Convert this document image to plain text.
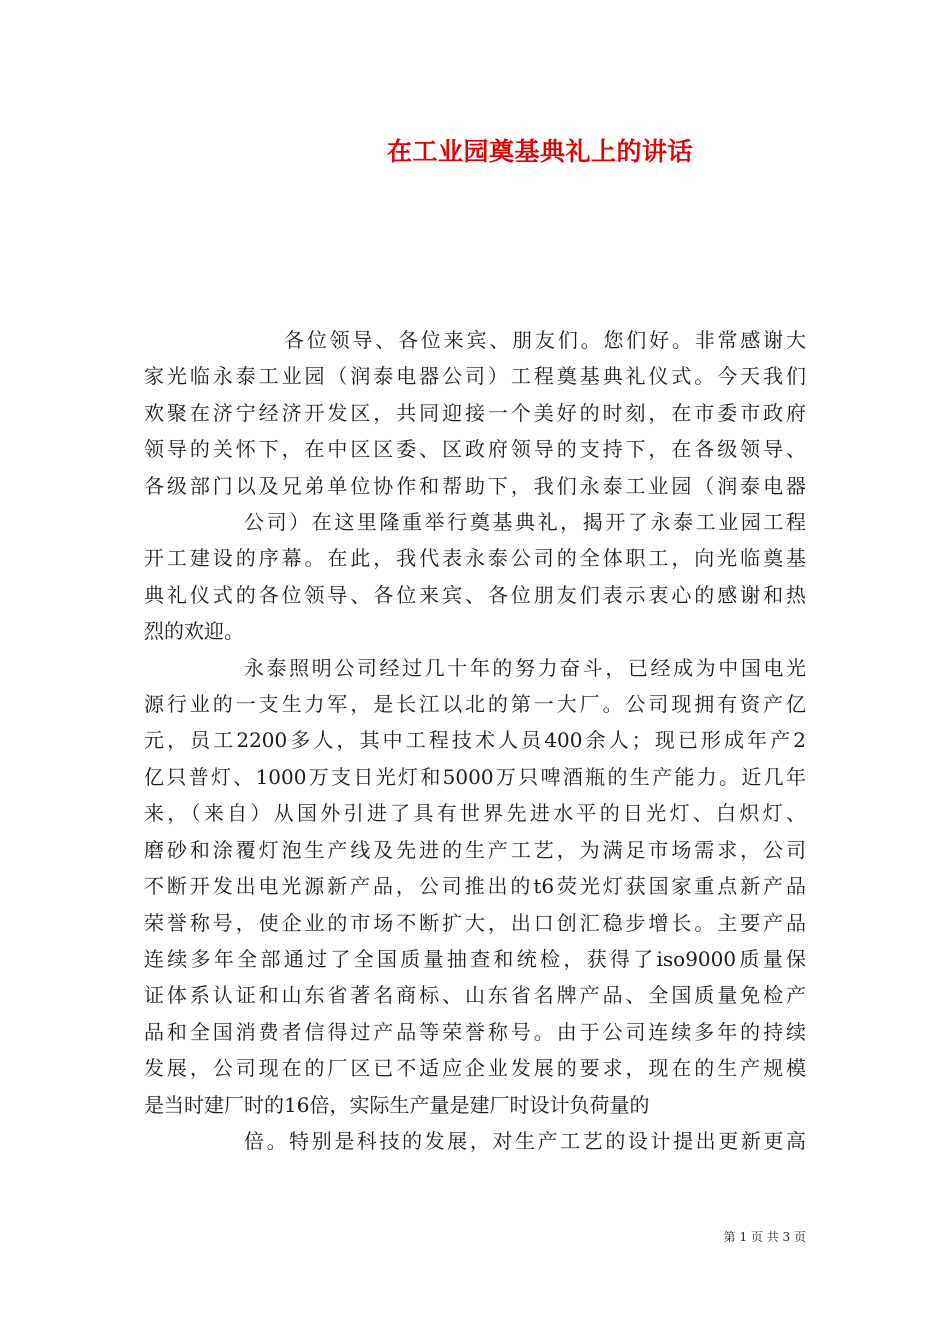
在工业园奠基典礼上的讲话
各位领导、各位来宾、朋友们。您们好。非常感谢大
家光临永泰工业园（润泰电器公司）工程奠基典礼仪式。今天我们
欢聚在济宁经济开发区，共同迎接一个美好的时刻，在市委市政府
领导的关怀下，在中区区委、区政府领导的支持下，在各级领导、
各级部门以及兄弟单位协作和帮助下，我们永泰工业园（润泰电器
公司）在这里隆重举行奠基典礼，揭开了永泰工业园工程
开工建设的序幕。在此，我代表永泰公司的全体职工，向光临奠基
典礼仪式的各位领导、各位来宾、各位朋友们表示衷心的感谢和热
烈的欢迎。
永泰照明公司经过几十年的努力奋斗，已经成为中国电光
源行业的一支生力军，是长江以北的第一大厂。公司现拥有资产亿
元，员工2200多人，其中工程技术人员400余人；现已形成年产2
亿只普灯、1000万支日光灯和5000万只啤酒瓶的生产能力。近几年
来，（来自）从国外引进了具有世界先进水平的日光灯、白炽灯、
磨砂和涂覆灯泡生产线及先进的生产工艺，为满足市场需求，公司
不断开发出电光源新产品，公司推出的t6荧光灯获国家重点新产品
荣誉称号，使企业的市场不断扩大，出口创汇稳步增长。主要产品
连续多年全部通过了全国质量抽查和统检，获得了iso9000质量保
证体系认证和山东省著名商标、山东省名牌产品、全国质量免检产
品和全国消费者信得过产品等荣誉称号。由于公司连续多年的持续
发展，公司现在的厂区已不适应企业发展的要求，现在的生产规模
是当时建厂时的16倍，实际生产量是建厂时设计负荷量的
倍。特别是科技的发展，对生产工艺的设计提出更新更高
第 1 页 共 3 页
